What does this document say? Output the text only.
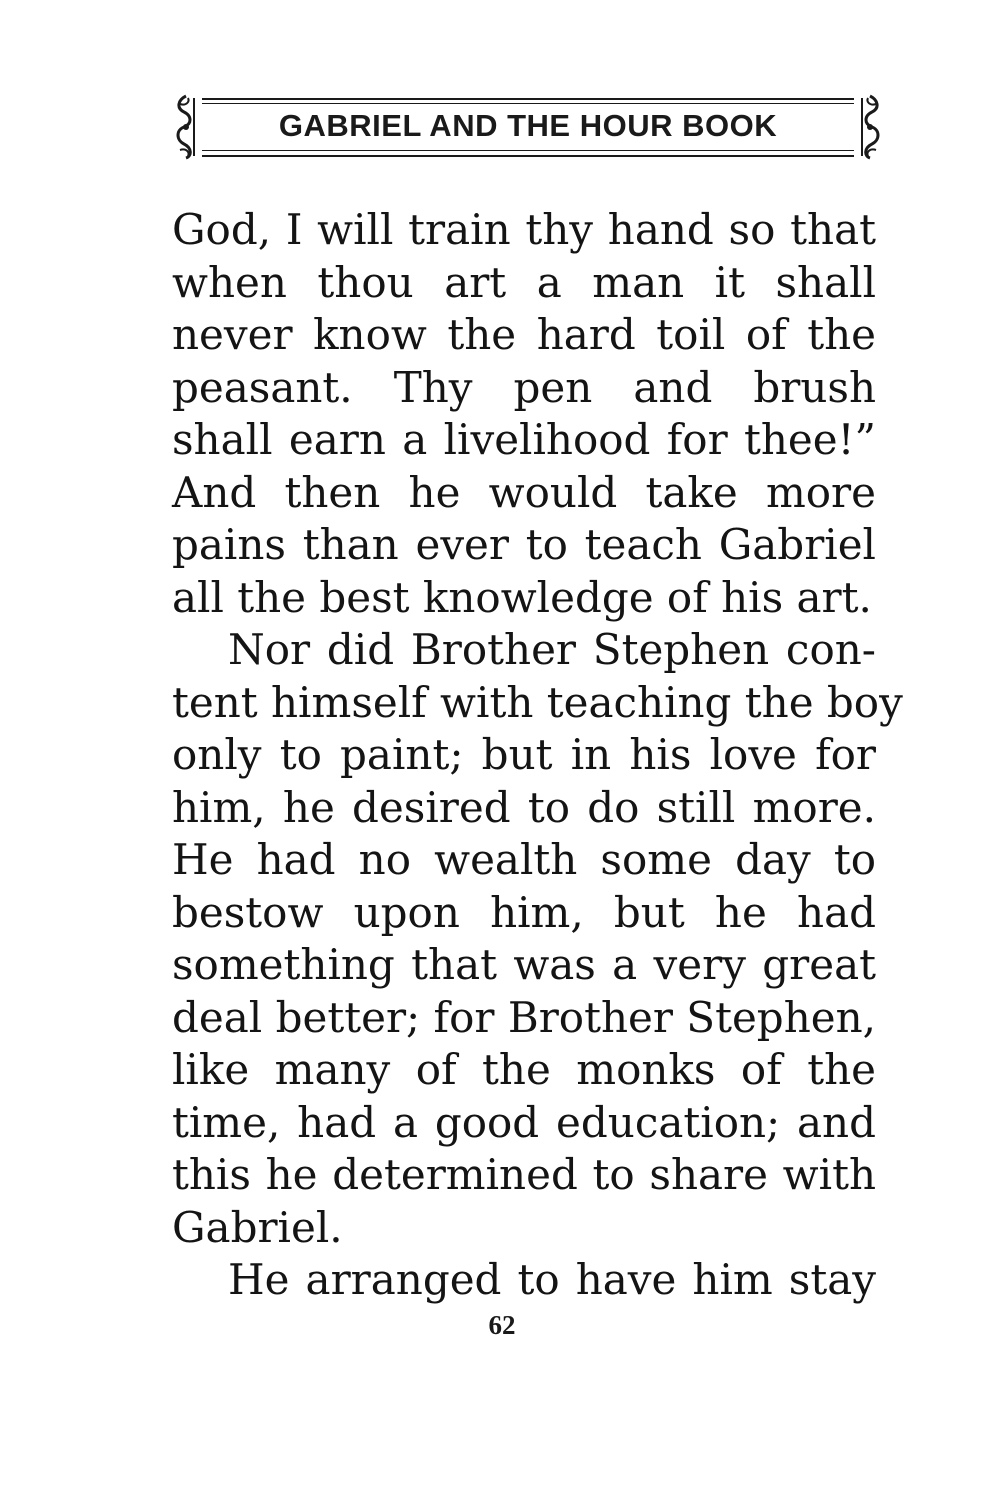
GABRIEL AND THE HOUR BOOK
God, I will train thy hand so that
when thou art a man it shall
never know the hard toil of the
peasant. Thy pen and brush
shall earn a livelihood for thee!”
And then he would take more
pains than ever to teach Gabriel
all the best knowledge of his art.
Nor did Brother Stephen con-
tent himself with teaching the boy
only to paint; but in his love for
him, he desired to do still more.
He had no wealth some day to
bestow upon him, but he had
something that was a very great
deal better; for Brother Stephen,
like many of the monks of the
time, had a good education; and
this he determined to share with
Gabriel.
He arranged to have him stay
62
